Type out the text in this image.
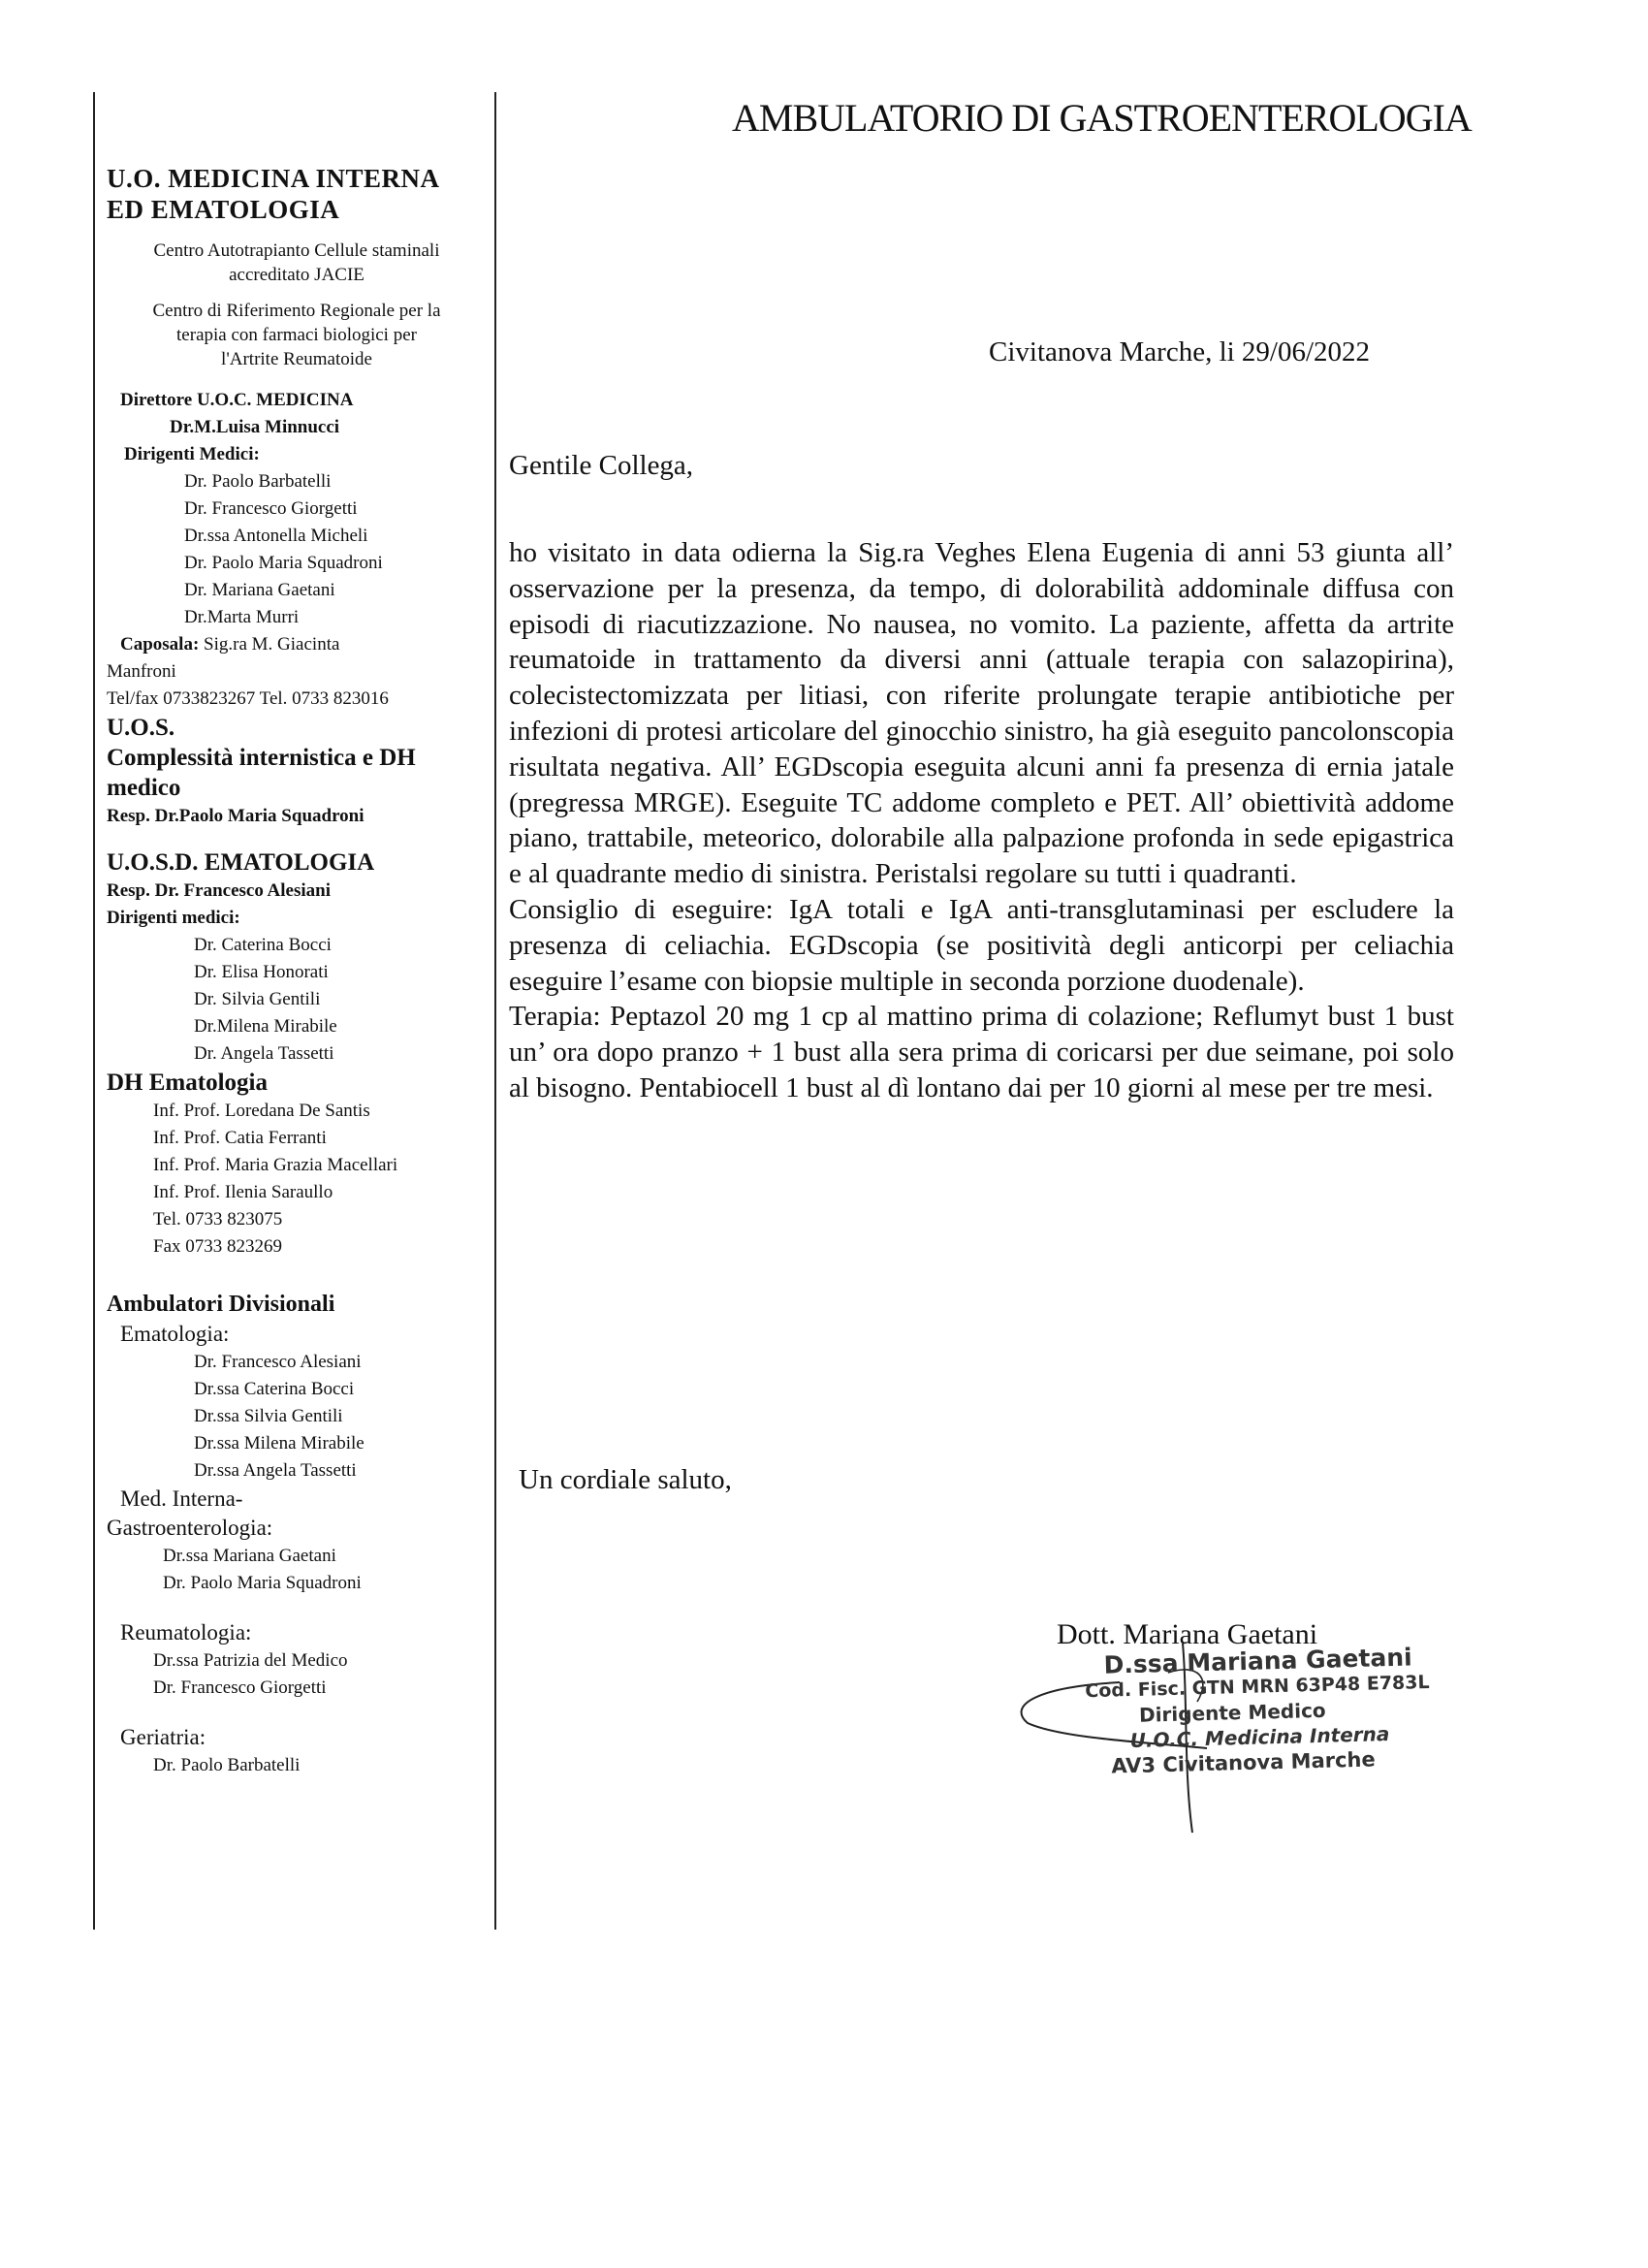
U.O. MEDICINA INTERNA
ED EMATOLOGIA
Centro Autotrapianto Cellule staminali
accreditato JACIE
Centro di Riferimento Regionale per la
terapia con farmaci biologici per
l'Artrite Reumatoide
Direttore U.O.C. MEDICINA
Dr.M.Luisa Minnucci
Dirigenti Medici:
Dr. Paolo Barbatelli
Dr. Francesco Giorgetti
Dr.ssa Antonella Micheli
Dr. Paolo Maria Squadroni
Dr. Mariana Gaetani
Dr.Marta Murri
Caposala: Sig.ra M. Giacinta
Manfroni
Tel/fax 0733823267 Tel. 0733 823016
U.O.S.
Complessità internistica e DH
medico
Resp. Dr.Paolo Maria Squadroni
U.O.S.D. EMATOLOGIA
Resp. Dr. Francesco Alesiani
Dirigenti medici:
Dr. Caterina Bocci
Dr. Elisa Honorati
Dr. Silvia Gentili
Dr.Milena Mirabile
Dr. Angela Tassetti
DH Ematologia
Inf. Prof. Loredana De Santis
Inf. Prof. Catia Ferranti
Inf. Prof. Maria Grazia Macellari
Inf. Prof. Ilenia Saraullo
Tel. 0733 823075
Fax 0733 823269
Ambulatori Divisionali
Ematologia:
Dr. Francesco Alesiani
Dr.ssa Caterina Bocci
Dr.ssa Silvia Gentili
Dr.ssa Milena Mirabile
Dr.ssa Angela Tassetti
Med. Interna-
Gastroenterologia:
Dr.ssa Mariana Gaetani
Dr. Paolo Maria Squadroni
Reumatologia:
Dr.ssa Patrizia del Medico
Dr. Francesco Giorgetti
Geriatria:
Dr. Paolo Barbatelli
AMBULATORIO DI GASTROENTEROLOGIA
Civitanova Marche, li 29/06/2022
Gentile Collega,

ho visitato in data odierna la Sig.ra Veghes Elena Eugenia di anni 53 giunta all’ osservazione per la presenza, da tempo, di dolorabilità addominale diffusa con episodi di riacutizzazione. No nausea, no vomito. La paziente, affetta da artrite reumatoide in trattamento da diversi anni (attuale terapia con salazopirina), colecistectomizzata per litiasi, con riferite prolungate terapie antibiotiche per infezioni di protesi articolare del ginocchio sinistro, ha già eseguito pancolonscopia risultata negativa. All’ EGDscopia eseguita alcuni anni fa presenza di ernia jatale (pregressa MRGE). Eseguite TC addome completo e PET. All’ obiettività addome piano, trattabile, meteorico, dolorabile alla palpazione profonda in sede epigastrica e al quadrante medio di sinistra. Peristalsi regolare su tutti i quadranti.

Consiglio di eseguire: IgA totali e IgA anti-transglutaminasi per escludere la presenza di celiachia. EGDscopia (se positività degli anticorpi per celiachia eseguire l’esame con biopsie multiple in seconda porzione duodenale).

Terapia: Peptazol 20 mg 1 cp al mattino prima di colazione; Reflumyt bust 1 bust un’ ora dopo pranzo + 1 bust alla sera prima di coricarsi per due seimane, poi solo al bisogno. Pentabiocell 1 bust al dì lontano dai per 10 giorni al mese per tre mesi.

Un cordiale saluto,
Dott. Mariana Gaetani
D.ssa Mariana Gaetani
Cod. Fisc. GTN MRN 63P48 E783L
Dirigente Medico
U.O.C. Medicina Interna
AV3 Civitanova Marche
